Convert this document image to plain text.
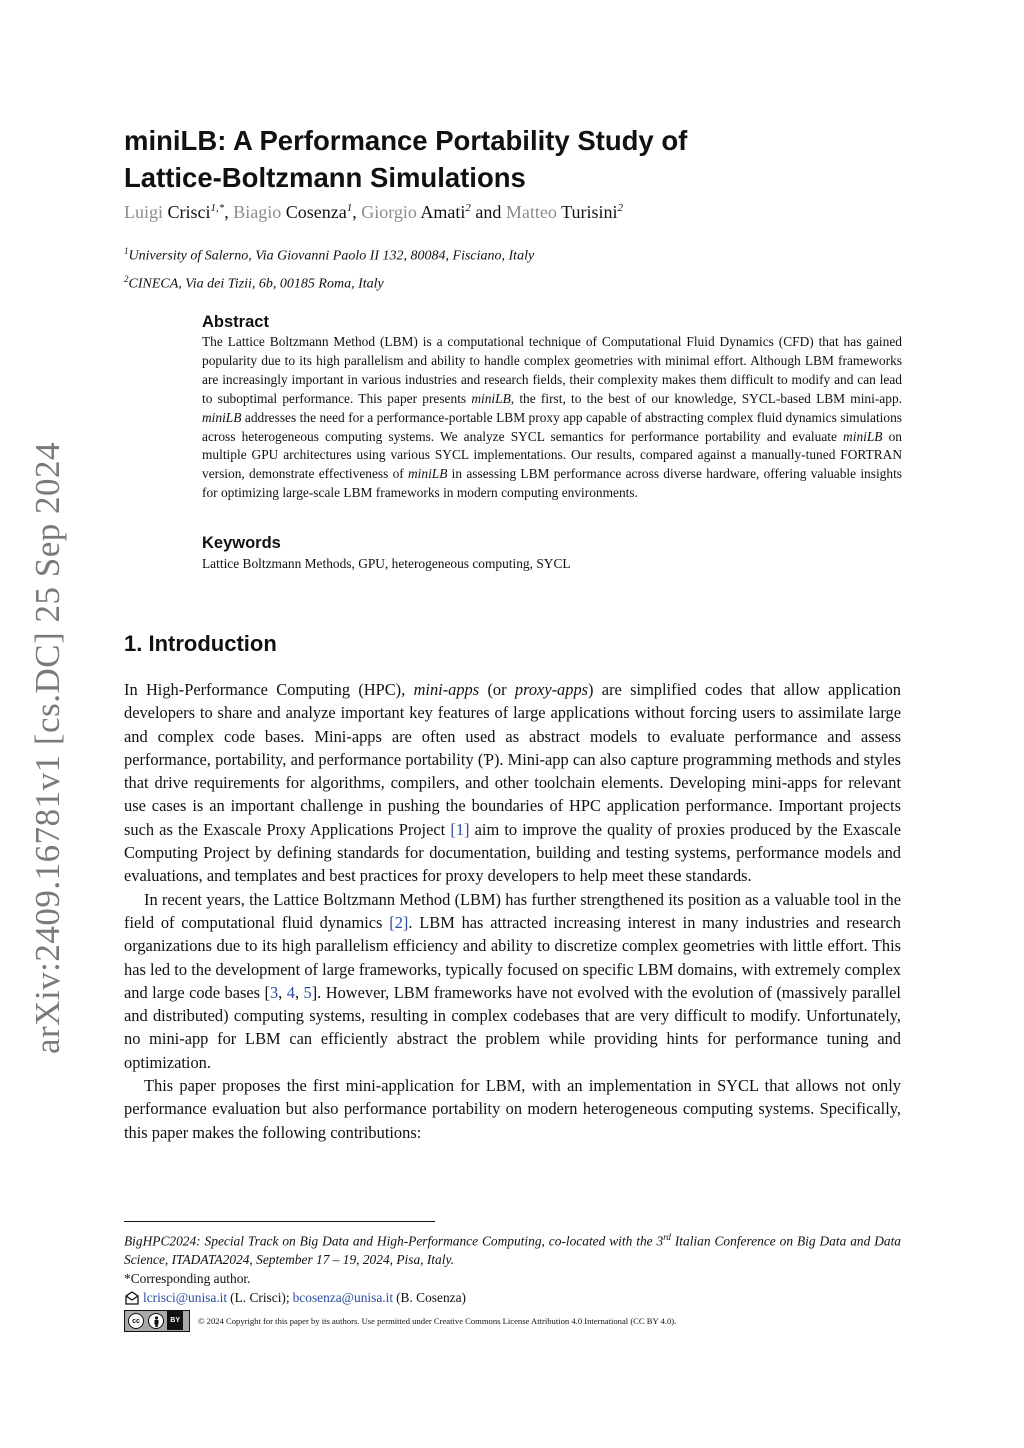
arXiv:2409.16781v1 [cs.DC] 25 Sep 2024
miniLB: A Performance Portability Study of
Lattice-Boltzmann Simulations
Luigi Crisci$^{1,*}$, Biagio Cosenza$^1$, Giorgio Amati$^2$ and Matteo Turisini$^2$
$^1$University of Salerno, Via Giovanni Paolo II 132, 80084, Fisciano, Italy
$^2$CINECA, Via dei Tizii, 6b, 00185 Roma, Italy
Abstract

The Lattice Boltzmann Method (LBM) is a computational technique of Computational Fluid Dynamics (CFD) that has gained popularity due to its high parallelism and ability to handle complex geometries with minimal effort. Although LBM frameworks are increasingly important in various industries and research fields, their complexity makes them difficult to modify and can lead to suboptimal performance. This paper presents miniLB, the first, to the best of our knowledge, SYCL-based LBM mini-app. miniLB addresses the need for a performance-portable LBM proxy app capable of abstracting complex fluid dynamics simulations across heterogeneous computing systems. We analyze SYCL semantics for performance portability and evaluate miniLB on multiple GPU architectures using various SYCL implementations. Our results, compared against a manually-tuned FORTRAN version, demonstrate effectiveness of miniLB in assessing LBM performance across diverse hardware, offering valuable insights for optimizing large-scale LBM frameworks in modern computing environments.

Keywords

Lattice Boltzmann Methods, GPU, heterogeneous computing, SYCL

1. Introduction

In High-Performance Computing (HPC), mini-apps (or proxy-apps) are simplified codes that allow application developers to share and analyze important key features of large applications without forcing users to assimilate large and complex code bases. Mini-apps are often used as abstract models to evaluate performance and assess performance, portability, and performance portability (Ƥ). Mini-app can also capture programming methods and styles that drive requirements for algorithms, compilers, and other toolchain elements. Developing mini-apps for relevant use cases is an important challenge in pushing the boundaries of HPC application performance. Important projects such as the Exascale Proxy Applications Project [1] aim to improve the quality of proxies produced by the Exascale Computing Project by defining standards for documentation, building and testing systems, performance models and evaluations, and templates and best practices for proxy developers to help meet these standards.

In recent years, the Lattice Boltzmann Method (LBM) has further strengthened its position as a valuable tool in the field of computational fluid dynamics [2]. LBM has attracted increasing interest in many industries and research organizations due to its high parallelism efficiency and ability to discretize complex geometries with little effort. This has led to the development of large frameworks, typically focused on specific LBM domains, with extremely complex and large code bases [3, 4, 5]. However, LBM frameworks have not evolved with the evolution of (massively parallel and distributed) computing systems, resulting in complex codebases that are very difficult to modify. Unfortunately, no mini-app for LBM can efficiently abstract the problem while providing hints for performance tuning and optimization.

This paper proposes the first mini-application for LBM, with an implementation in SYCL that allows not only performance evaluation but also performance portability on modern heterogeneous computing systems. Specifically, this paper makes the following contributions:

BigHPC2024: Special Track on Big Data and High-Performance Computing, co-located with the 3rd Italian Conference on Big Data and Data Science, ITADATA2024, September 17 – 19, 2024, Pisa, Italy.

*Corresponding author.

lcrisci@unisa.it (L. Crisci); bcosenza@unisa.it (B. Cosenza)

cc	BY	© 2024 Copyright for this paper by its authors. Use permitted under Creative Commons License Attribution 4.0 International (CC BY 4.0).
